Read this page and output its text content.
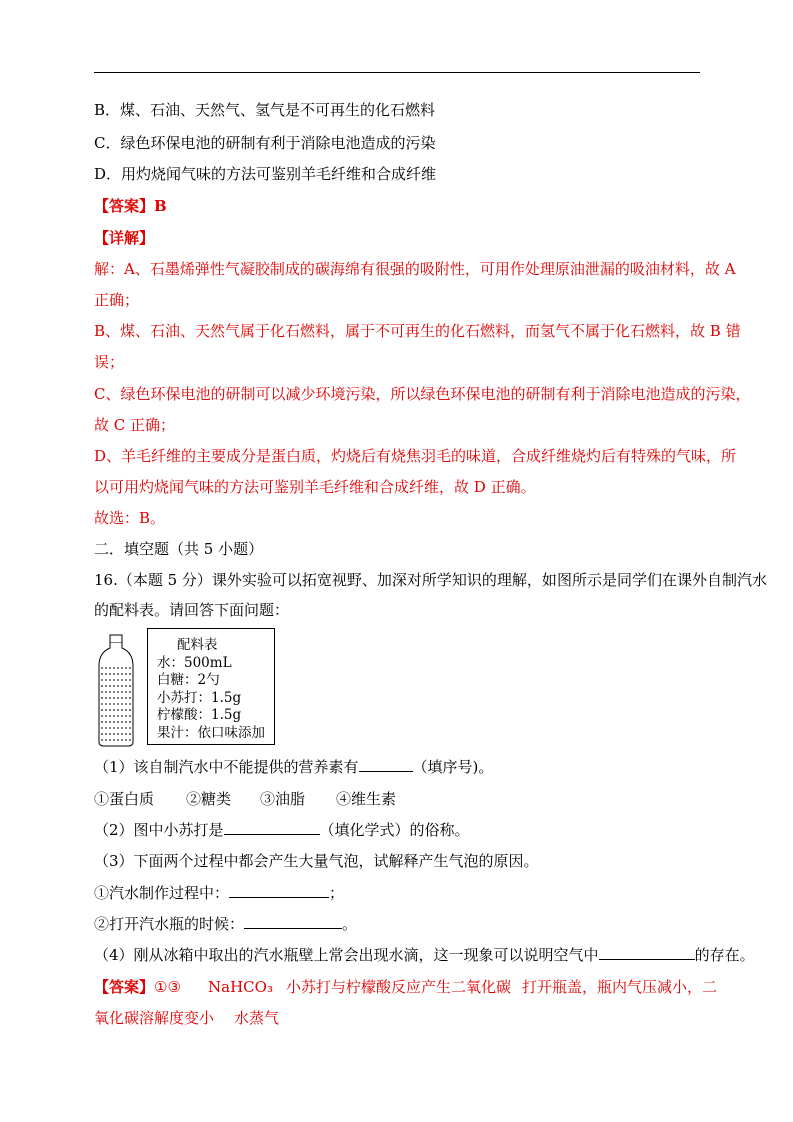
B．煤、石油、天然气、氢气是不可再生的化石燃料
C．绿色环保电池的研制有利于消除电池造成的污染
D．用灼烧闻气味的方法可鉴别羊毛纤维和合成纤维
【答案】B
【详解】
解：A、石墨烯弹性气凝胶制成的碳海绵有很强的吸附性，可用作处理原油泄漏的吸油材料，故 A
正确；
B、煤、石油、天然气属于化石燃料，属于不可再生的化石燃料，而氢气不属于化石燃料，故 B 错
误；
C、绿色环保电池的研制可以减少环境污染，所以绿色环保电池的研制有利于消除电池造成的污染，
故 C 正确；
D、羊毛纤维的主要成分是蛋白质，灼烧后有烧焦羽毛的味道，合成纤维烧灼后有特殊的气味，所
以可用灼烧闻气味的方法可鉴别羊毛纤维和合成纤维，故 D 正确。
故选：B。
二．填空题（共 5 小题）
16.（本题 5 分）课外实验可以拓宽视野、加深对所学知识的理解，如图所示是同学们在课外自制汽水
的配料表。请回答下面问题：
配料表
水：500mL
白糖：2勺
小苏打：1.5g
柠檬酸：1.5g
果汁：依口味添加
（1）该自制汽水中不能提供的营养素有	（填序号)。
①蛋白质 ②糖类 ③油脂 ④维生素
（2）图中小苏打是	（填化学式）的俗称。
（3）下面两个过程中都会产生大量气泡，试解释产生气泡的原因。
①汽水制作过程中：	；
②打开汽水瓶的时候：	。
（4）刚从冰箱中取出的汽水瓶壁上常会出现水滴，这一现象可以说明空气中	的存在。
【答案】①③ NaHCO₃ 小苏打与柠檬酸反应产生二氧化碳 打开瓶盖，瓶内气压减小，二
氧化碳溶解度变小 水蒸气
